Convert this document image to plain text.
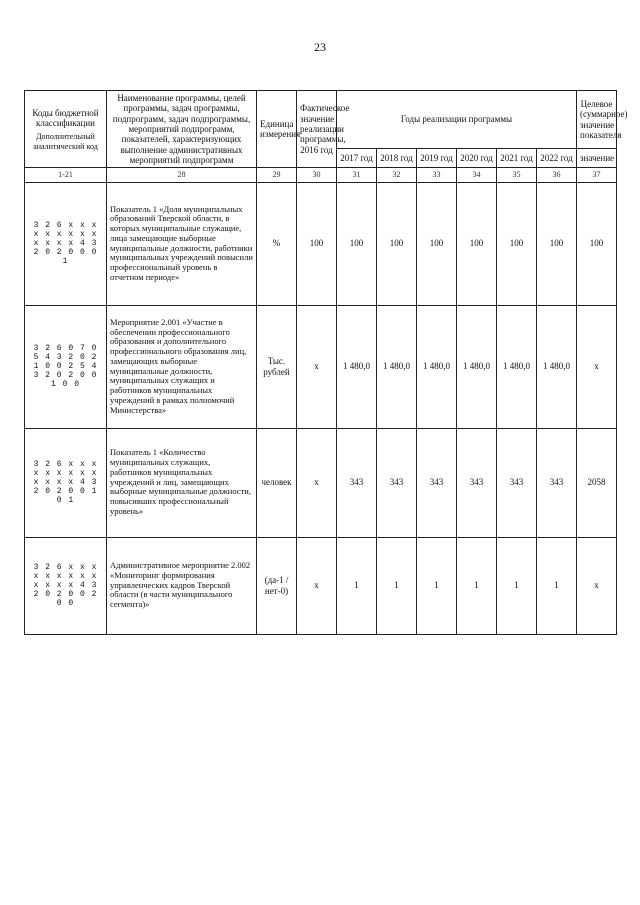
23
Коды бюджетной классификации
Дополнительный аналитический код	Наименование программы, целей программы, задач программы, подпрограмм, задач подпрограммы, мероприятий подпрограмм, показателей, характеризующих выполнение административных мероприятий подпрограмм	Единица измерения	Фактическое значение реализации программы, 2016 год	Годы реализации программы						Целевое (суммарное) значение показателя
				2017 год	2018 год	2019 год	2020 год	2021 год	2022 год	значение
1-21	28	29	30	31	32	33	34	35	36	37
3 2 6 x x x x x x x x x x x x x 4 3 2 0 2 0 0 0 1	Показатель 1 «Доля муниципальных образований Тверской области, в которых муниципальные служащие, лица замещающие выборные муниципальные должности, работники муниципальных учреждений повысили профессиональный уровень в отчетном периоде»	%	100	100	100	100	100	100	100	100
3 2 6 0 7 0 5 4 3 2 0 2 1 0 0 2 5 4 3 2 0 2 0 0 1 0 0	Мероприятие 2.001 «Участие в обеспечении профессионального образования и дополнительного профессионального образования лиц, замещающих выборные муниципальные должности, муниципальных служащих и работников муниципальных учреждений в рамках полномочий Министерства»	Тыс. рублей	x	1 480,0	1 480,0	1 480,0	1 480,0	1 480,0	1 480,0	x
3 2 6 x x x x x x x x x x x x x 4 3 2 0 2 0 0 1 0 1	Показатель 1 «Количество муниципальных служащих, работников муниципальных учреждений и лиц, замещающих выборные муниципальные должности, повысивших профессиональный уровень»	человек	x	343	343	343	343	343	343	2058
3 2 6 x x x x x x x x x x x x x 4 3 2 0 2 0 0 2 0 0	Административное мероприятие 2.002 «Мониторинг формирования управленческих кадров Тверской области (в части муниципального сегмента)»	(да-1 / нет-0)	x	1	1	1	1	1	1	x
